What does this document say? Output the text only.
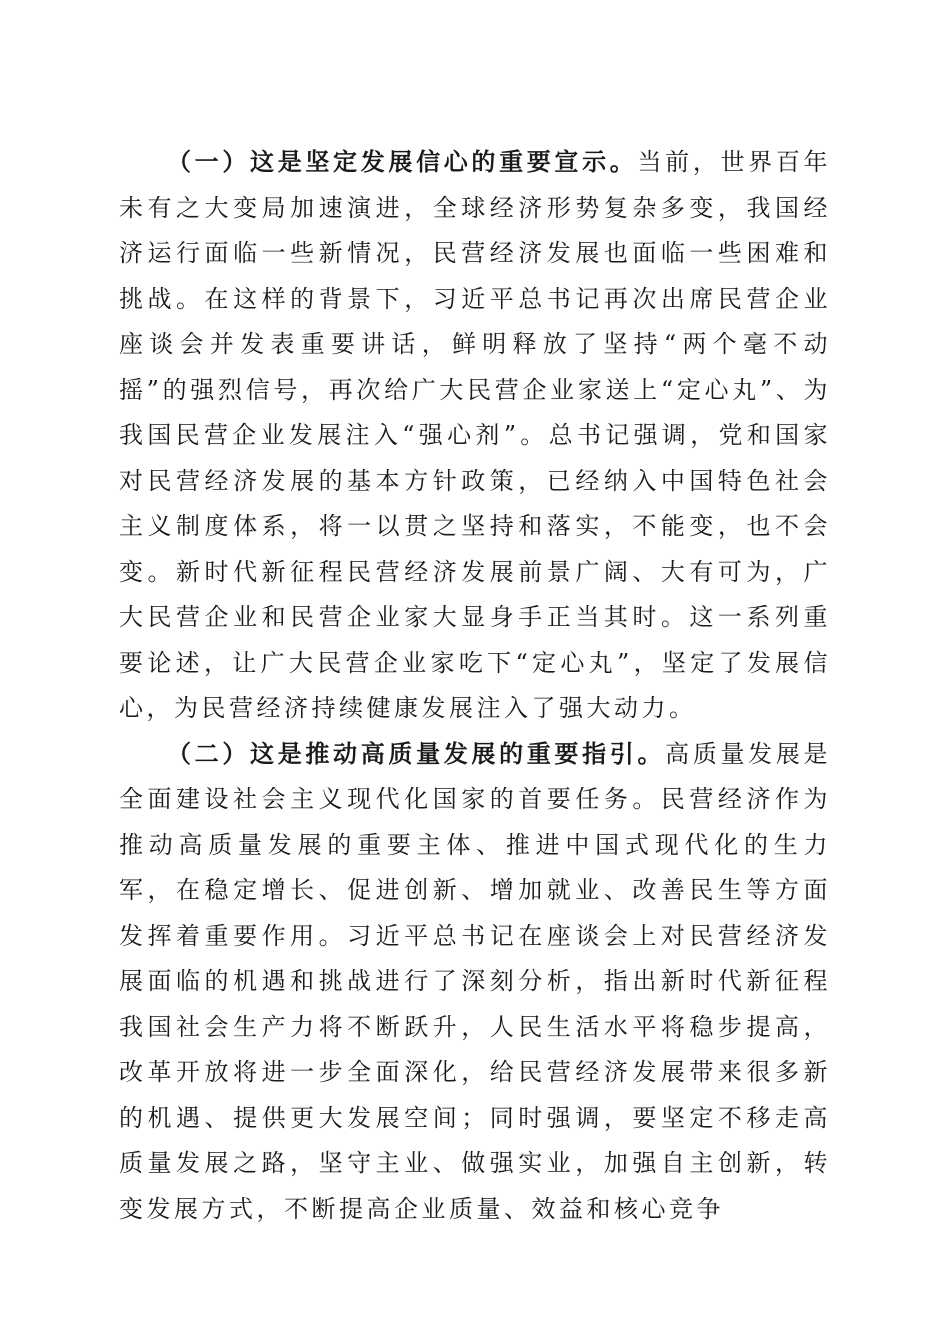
（一）这是坚定发展信心的重要宣示。当前，世界百年未有之大变局加速演进，全球经济形势复杂多变，我国经济运行面临一些新情况，民营经济发展也面临一些困难和挑战。在这样的背景下，习近平总书记再次出席民营企业座谈会并发表重要讲话，鲜明释放了坚持“两个毫不动摇”的强烈信号，再次给广大民营企业家送上“定心丸”、为我国民营企业发展注入“强心剂”。总书记强调，党和国家对民营经济发展的基本方针政策，已经纳入中国特色社会主义制度体系，将一以贯之坚持和落实，不能变，也不会变。新时代新征程民营经济发展前景广阔、大有可为，广大民营企业和民营企业家大显身手正当其时。这一系列重要论述，让广大民营企业家吃下“定心丸”，坚定了发展信心，为民营经济持续健康发展注入了强大动力。

（二）这是推动高质量发展的重要指引。高质量发展是全面建设社会主义现代化国家的首要任务。民营经济作为推动高质量发展的重要主体、推进中国式现代化的生力军，在稳定增长、促进创新、增加就业、改善民生等方面发挥着重要作用。习近平总书记在座谈会上对民营经济发展面临的机遇和挑战进行了深刻分析，指出新时代新征程我国社会生产力将不断跃升，人民生活水平将稳步提高，改革开放将进一步全面深化，给民营经济发展带来很多新的机遇、提供更大发展空间；同时强调，要坚定不移走高质量发展之路，坚守主业、做强实业，加强自主创新，转变发展方式，不断提高企业质量、效益和核心竞争
